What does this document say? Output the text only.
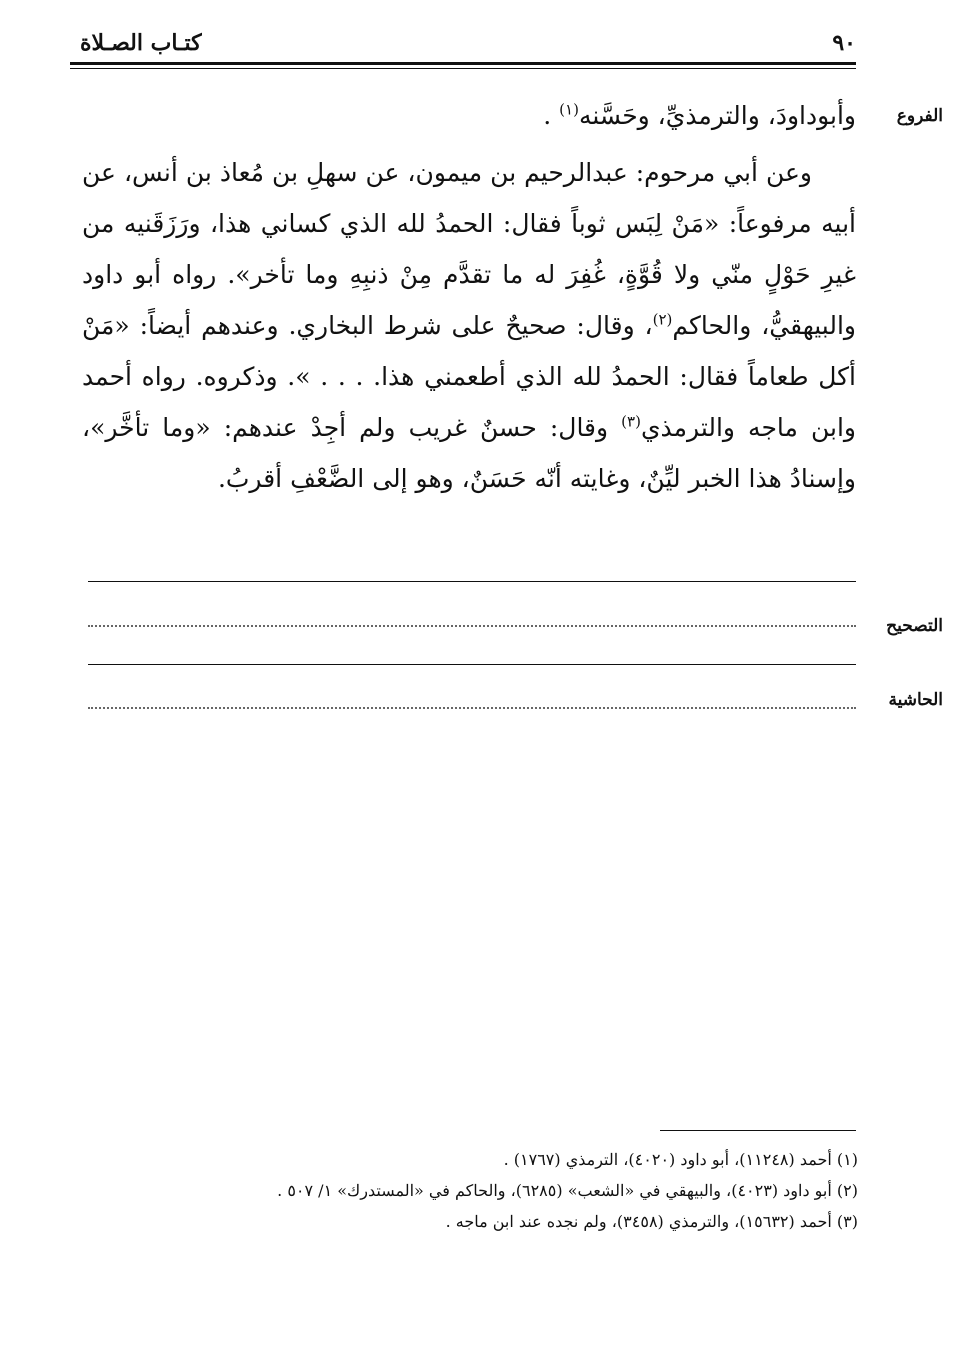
٩٠
كتـاب الصـلاة
الفروع
التصحيح
الحاشية

وأبوداودَ، والترمذيِّ، وحَسَّنه$^{(١)}$ .

وعن أبي مرحوم: عبدالرحيم بن ميمون، عن سهلِ بن مُعاذ بن أنس، عن أبيه مرفوعاً: «مَنْ لِبَس ثوباً فقال: الحمدُ لله الذي كساني هذا، ورَزَقَنيه من غيرِ حَوْلٍ منّي ولا قُوَّةٍ، غُفِرَ له ما تقدَّم مِنْ ذنبِهِ وما تأخر». رواه أبو داود والبيهقيُّ، والحاكم$^{(٢)}$، وقال: صحيحٌ على شرط البخاري. وعندهم أيضاً: «مَنْ أكل طعاماً فقال: الحمدُ لله الذي أطعمني هذا. . . . ». وذكروه. رواه أحمد وابن ماجه والترمذي$^{(٣)}$ وقال: حسنٌ غريب ولم أجِدْ عندهم: «وما تأخَّر»، وإسنادُ هذا الخبر ليِّنٌ، وغايته أنّه حَسَنٌ، وهو إلى الضَّعْفِ أقربُ.

(١) أحمد (١١٢٤٨)، أبو داود (٤٠٢٠)، الترمذي (١٧٦٧) .
(٢) أبو داود (٤٠٢٣)، والبيهقي في «الشعب» (٦٢٨٥)، والحاكم في «المستدرك» ١/ ٥٠٧ .
(٣) أحمد (١٥٦٣٢)، والترمذي (٣٤٥٨)، ولم نجده عند ابن ماجه .
